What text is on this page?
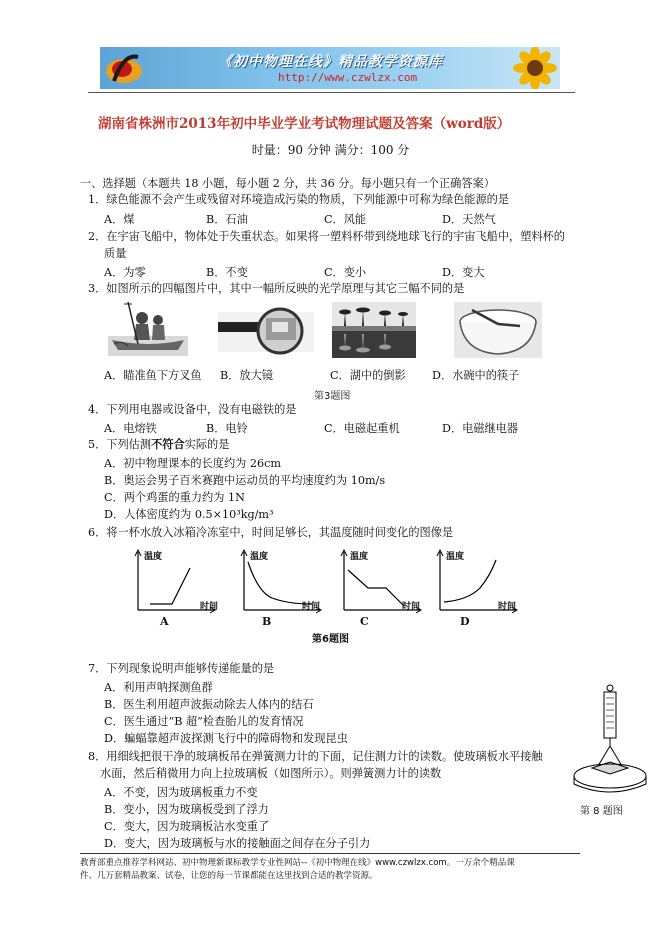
《初中物理在线》精品教学资源库
http://www.czwlzx.com
湖南省株洲市2013年初中毕业学业考试物理试题及答案（word版）
时量：90 分钟 满分：100 分
一、选择题（本题共 18 小题，每小题 2 分，共 36 分。每小题只有一个正确答案）
1．绿色能源不会产生或残留对环境造成污染的物质，下列能源中可称为绿色能源的是
A．煤	B．石油	C．风能	D．天然气
2．在宇宙飞船中，物体处于失重状态。如果将一塑料杯带到绕地球飞行的宇宙飞船中，塑料杯的
质量
A．为零	B．不变	C．变小	D．变大
3．如图所示的四幅图片中，其中一幅所反映的光学原理与其它三幅不同的是
A．瞄准鱼下方叉鱼 B．放大镜	C．湖中的倒影 D．水碗中的筷子
第3题图
4．下列用电器或设备中，没有电磁铁的是
A．电熔铁	B．电铃	C．电磁起重机	D．电磁继电器
5．下列估测不符合实际的是
A．初中物理课本的长度约为 26cm
B．奥运会男子百米赛跑中运动员的平均速度约为 10m/s
C．两个鸡蛋的重力约为 1N
D．人体密度约为 0.5×10³kg/m³
6．将一杯水放入冰箱冷冻室中，时间足够长，其温度随时间变化的图像是
温度	温度	温度	温度
时间	时间	时间	时间
A	B	C	D
第6题图
7．下列现象说明声能够传递能量的是
A．利用声呐探测鱼群
B．医生利用超声波振动除去人体内的结石
C．医生通过“B 超”检查胎儿的发育情况
D．蝙蝠靠超声波探测飞行中的障碍物和发现昆虫
第 8 题图
8．用细线把很干净的玻璃板吊在弹簧测力计的下面，记住测力计的读数。使玻璃板水平接触
水面，然后稍微用力向上拉玻璃板（如图所示）。则弹簧测力计的读数
A．不变，因为玻璃板重力不变
B．变小，因为玻璃板受到了浮力
C．变大，因为玻璃板沾水变重了
D．变大，因为玻璃板与水的接触面之间存在分子引力
教育部重点推荐学科网站、初中物理新课标教学专业性网站--《初中物理在线》www.czwlzx.com。一万余个精品课
件、几万套精品教案、试卷，让您的每一节课都能在这里找到合适的教学资源。
